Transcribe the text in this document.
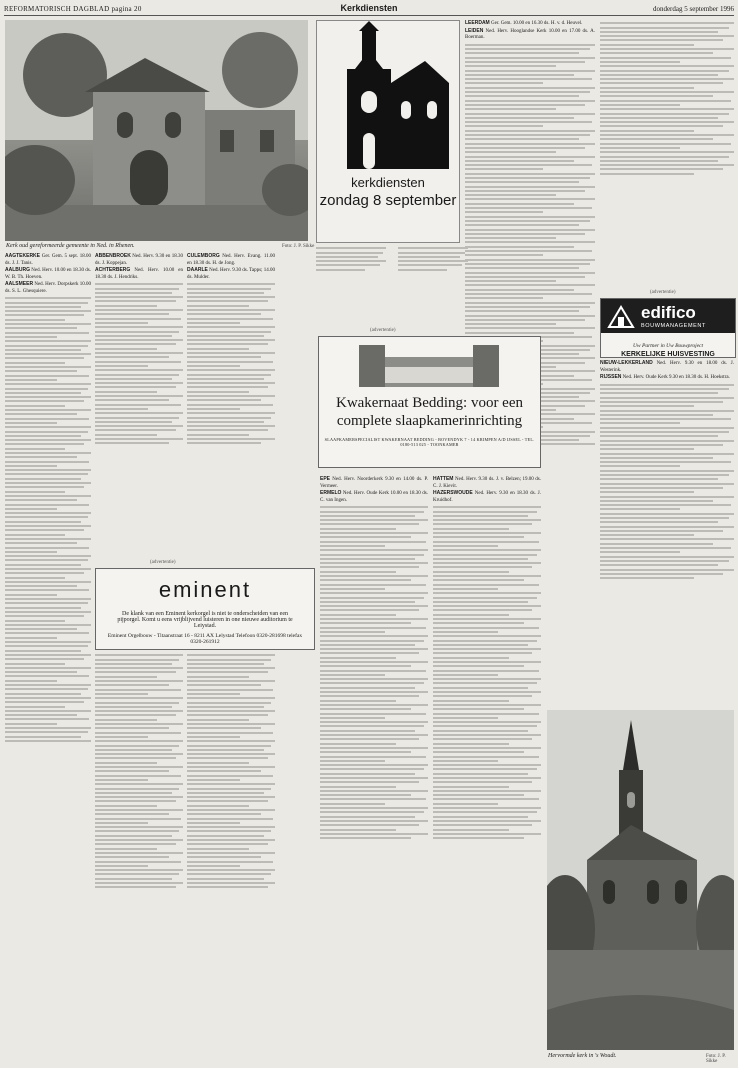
REFORMATORISCH DAGBLAD pagina 20	Kerkdiensten	donderdag 5 september 1996
Kerk oud gereformeerde gemeente in Ned. in Rhenen.	Foto: J. P. Sikke
kerkdiensten
zondag 8 september

AAGTEKERKE Ger. Gem. 5 sept. 18.00 ds. J. J. Tanis.

AALBURG Ned. Herv. 10.00 en 18.30 ds. W. B. Th. Hoeven.

AALSMEER Ned. Herv. Dorpskerk 10.00 ds. S. L. Ghesquiere.

ABBENBROEK Ned. Herv. 9.30 en 18.30 ds. J. Koppejan.

ACHTERBERG Ned. Herv. 10.00 en 18.30 ds. J. Hendriks.

CULEMBORG Ned. Herv. Evang. 11.00 en 18.30 ds. H. de Jong.

DAARLE Ned. Herv. 9.30 ds. Tapps; 14.00 ds. Mulder.

EPE Ned. Herv. Noorderkerk 9.30 en 14.00 ds. P. Vermeer.

ERMELO Ned. Herv. Oude Kerk 10.00 en 18.30 ds. C. van Ingen.

HATTEM Ned. Herv. 9.30 ds. J. v. Belzen; 19.00 ds. C. J. Kievit.

HAZERSWOUDE Ned. Herv. 9.30 en 18.30 ds. J. Kruidhof.

LEERDAM Ger. Gem. 10.00 en 16.30 ds. H. v. d. Heuvel.

LEIDEN Ned. Herv. Hooglandse Kerk 10.00 en 17.00 ds. A. Boerman.

NIEUW-LEKKERLAND Ned. Herv. 9.30 en 18.00 ds. J. Westerink.

RIJSSEN Ned. Herv. Oude Kerk 9.30 en 18.30 ds. H. Hoekstra.

(advertentie)
Kwakernaat Bedding: voor een
complete slaapkamerinrichting
SLAAPKAMERSPECIALIST KWAKERNAAT BEDDING - BOVENDYK 7 - 14 KRIMPEN A/D IJSSEL - TEL. 0180-513 025 - TOONKAMER
(advertentie)
eminent
De klank van een Eminent kerkorgel is niet te onderscheiden van een pijporgel. Komt u eens vrijblijvend luisteren in one nieuwe auditorium te Leiystad.
Eminent Orgelbouw - Titaanstraat 16 - 8211 AX Lelystad Telefoon 0320-281698 telefax 0320-261912
(advertentie)
edifico
BOUWMANAGEMENT
Uw Partner in Uw Bouwproject
KERKELIJKE HUISVESTING
Hervormde kerk in 's Woudt.	Foto: J. P. Sikke
